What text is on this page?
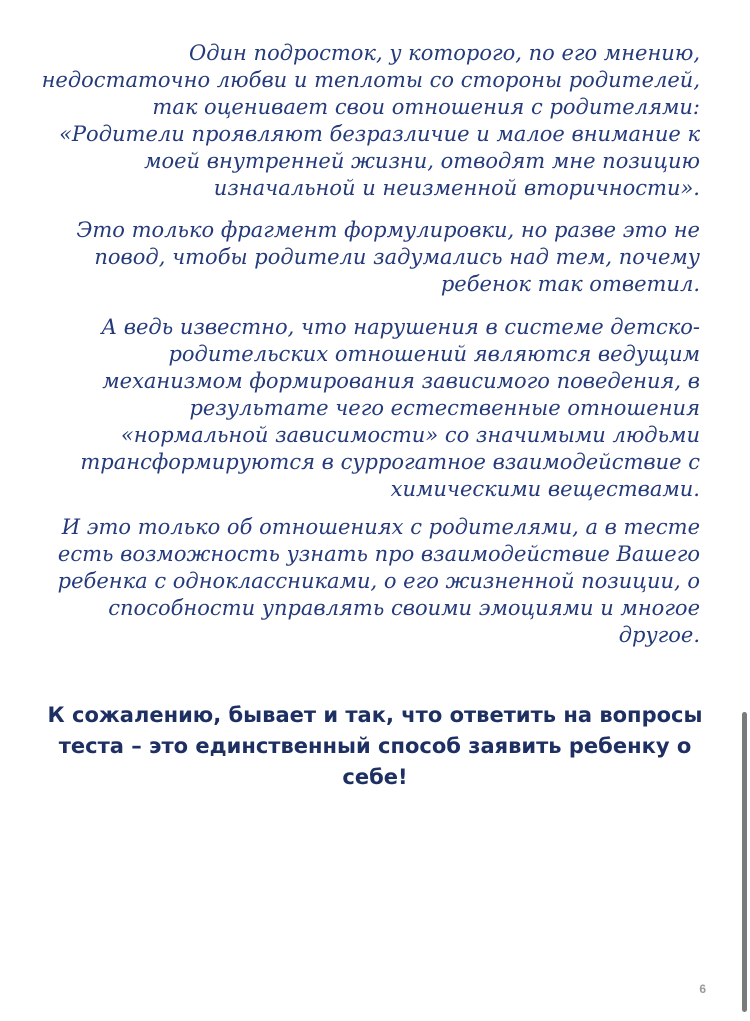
Один подросток, у которого, по его мнению, недостаточно любви и теплоты со стороны родителей, так оценивает свои отношения с родителями: «Родители проявляют безразличие и малое внимание к моей внутренней жизни, отводят мне позицию изначальной и неизменной вторичности».

Это только фрагмент формулировки, но разве это не повод, чтобы родители задумались над тем, почему ребенок так ответил.

А ведь известно, что нарушения в системе детско-родительских отношений являются ведущим механизмом формирования зависимого поведения, в результате чего естественные отношения «нормальной зависимости» со значимыми людьми трансформируются в суррогатное взаимодействие с химическими веществами.

И это только об отношениях с родителями, а в тесте есть возможность узнать про взаимодействие Вашего ребенка с одноклассниками, о его жизненной позиции, о способности управлять своими эмоциями и многое другое.

К сожалению, бывает и так, что ответить на вопросы теста – это единственный способ заявить ребенку о себе!

6
